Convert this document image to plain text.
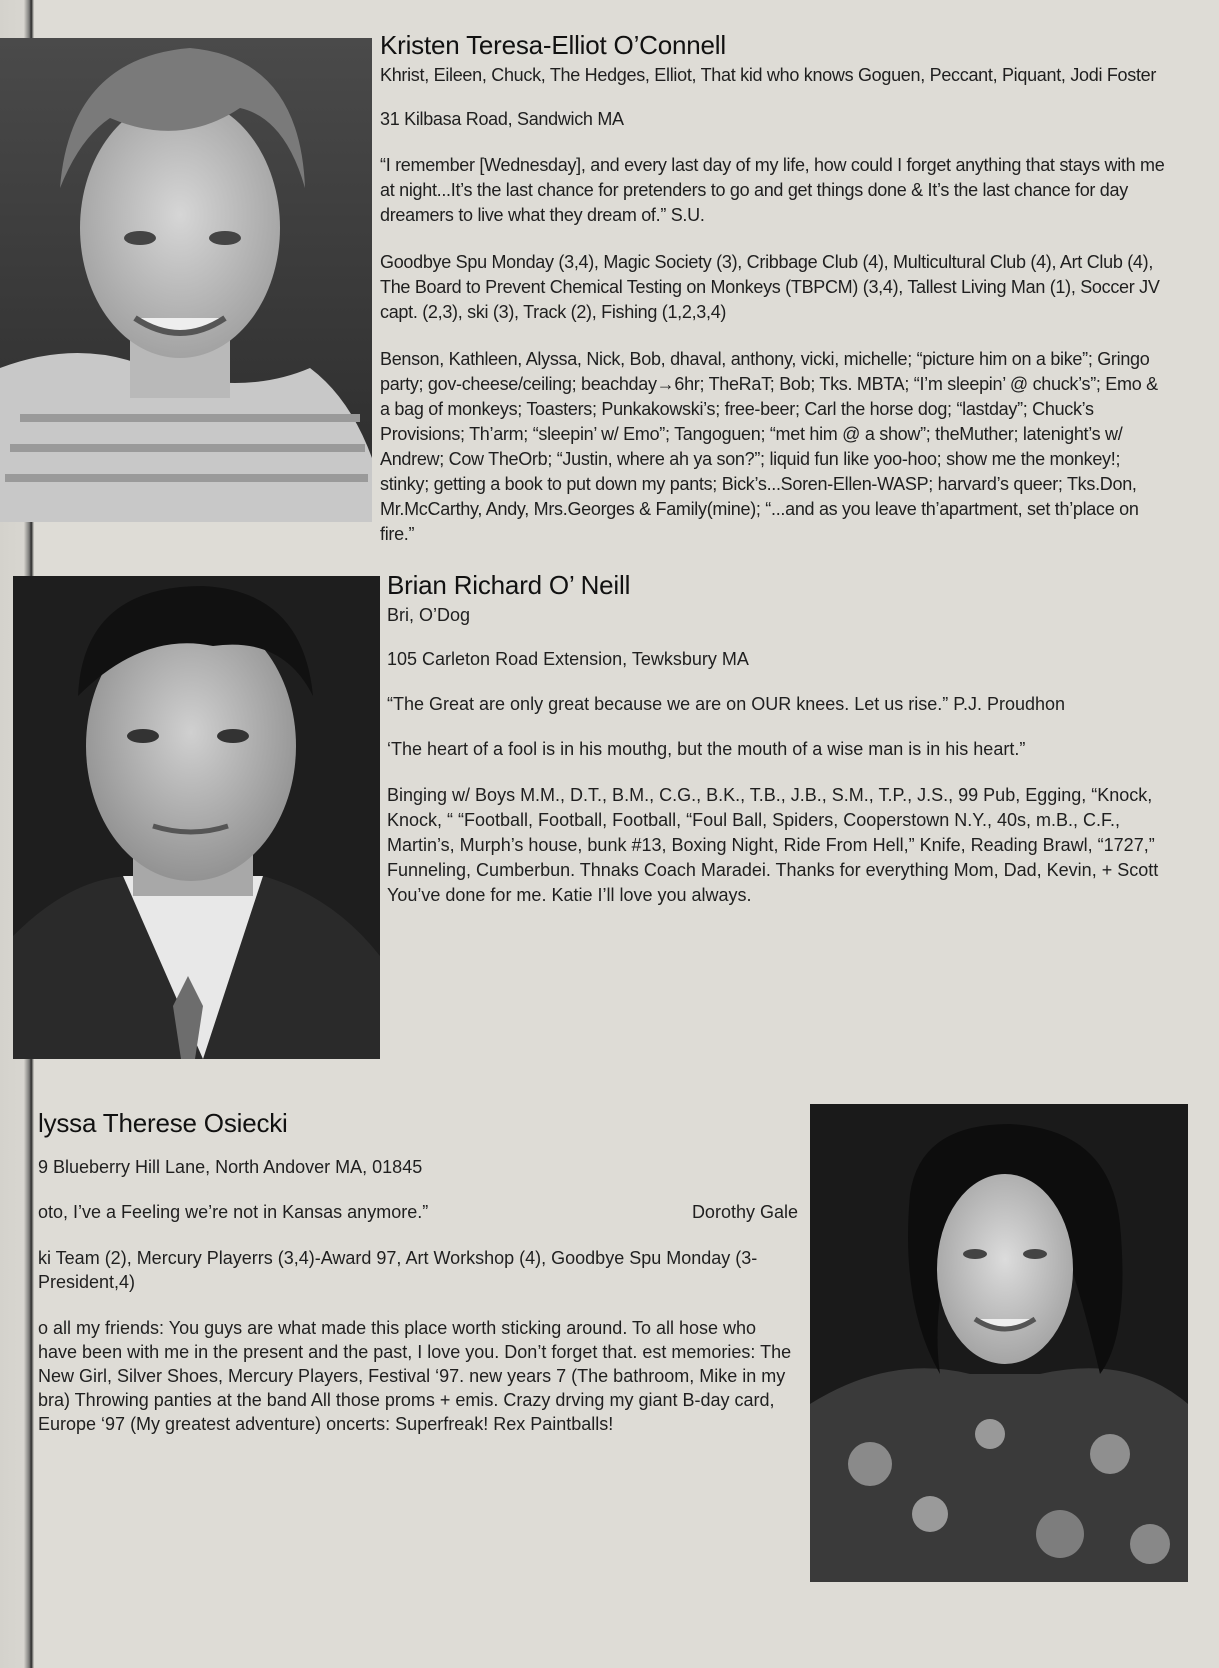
Kristen Teresa-Elliot O’Connell
Khrist, Eileen, Chuck, The Hedges, Elliot, That kid who knows Goguen, Peccant, Piquant, Jodi Foster
31 Kilbasa Road, Sandwich MA
“I remember [Wednesday], and every last day of my life, how could I forget anything that stays with me at night...It’s the last chance for pretenders to go and get things done & It’s the last chance for day dreamers to live what they dream of.” S.U.
Goodbye Spu Monday (3,4), Magic Society (3), Cribbage Club (4), Multicultural Club (4), Art Club (4), The Board to Prevent Chemical Testing on Monkeys (TBPCM) (3,4), Tallest Living Man (1), Soccer JV capt. (2,3), ski (3), Track (2), Fishing (1,2,3,4)
Benson, Kathleen, Alyssa, Nick, Bob, dhaval, anthony, vicki, michelle; “picture him on a bike”; Gringo party; gov-cheese/ceiling; beachday→6hr; TheRaT; Bob; Tks. MBTA; “I’m sleepin’ @ chuck’s”; Emo & a bag of monkeys; Toasters; Punkakowski’s; free-beer; Carl the horse dog; “lastday”; Chuck’s Provisions; Th’arm; “sleepin’ w/ Emo”; Tangoguen; “met him @ a show”; theMuther; latenight’s w/ Andrew; Cow TheOrb; “Justin, where ah ya son?”; liquid fun like yoo-hoo; show me the monkey!; stinky; getting a book to put down my pants; Bick’s...Soren-Ellen-WASP; harvard’s queer; Tks.Don, Mr.McCarthy, Andy, Mrs.Georges & Family(mine); “...and as you leave th’apartment, set th’place on fire.”
Brian Richard O’ Neill
Bri, O’Dog
105 Carleton Road Extension, Tewksbury MA
“The Great are only great because we are on OUR knees. Let us rise.” P.J. Proudhon
‘The heart of a fool is in his mouthg, but the mouth of a wise man is in his heart.”
Binging w/ Boys M.M., D.T., B.M., C.G., B.K., T.B., J.B., S.M., T.P., J.S., 99 Pub, Egging, “Knock, Knock, “ “Football, Football, Football, “Foul Ball, Spiders, Cooperstown N.Y., 40s, m.B., C.F., Martin’s, Murph’s house, bunk #13, Boxing Night, Ride From Hell,” Knife, Reading Brawl, “1727,” Funneling, Cumberbun. Thnaks Coach Maradei. Thanks for everything Mom, Dad, Kevin, + Scott You’ve done for me. Katie I’ll love you always.
lyssa Therese Osiecki
9 Blueberry Hill Lane, North Andover MA, 01845
oto, I’ve a Feeling we’re not in Kansas anymore.”	Dorothy Gale
ki Team (2), Mercury Playerrs (3,4)-Award 97, Art Workshop (4), Goodbye Spu Monday (3-President,4)
o all my friends: You guys are what made this place worth sticking around. To all hose who have been with me in the present and the past, I love you. Don’t forget that. est memories: The New Girl, Silver Shoes, Mercury Players, Festival ‘97. new years 7 (The bathroom, Mike in my bra) Throwing panties at the band All those proms + emis. Crazy drving my giant B-day card, Europe ‘97 (My greatest adventure) oncerts: Superfreak! Rex Paintballs!
